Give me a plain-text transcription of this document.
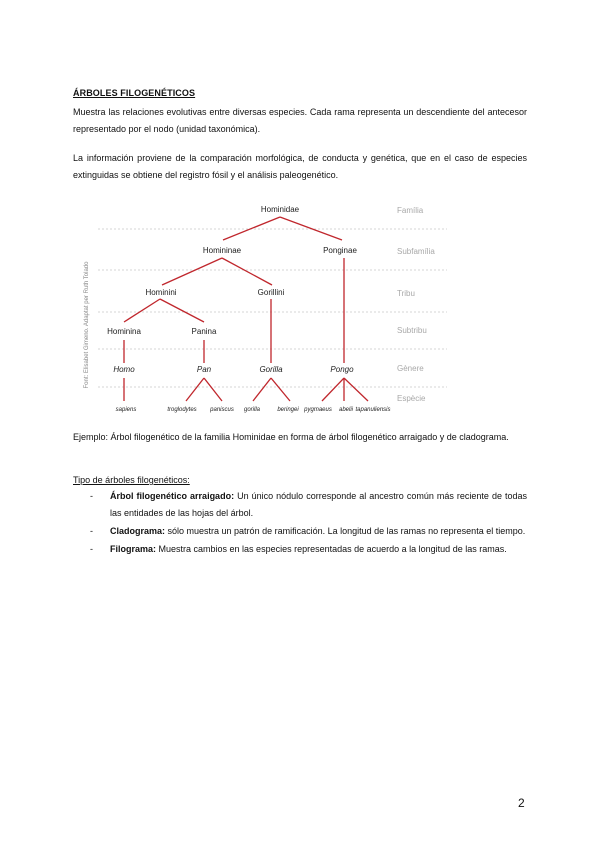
ÁRBOLES FILOGENÉTICOS
Muestra las relaciones evolutivas entre diversas especies. Cada rama representa un descendiente del antecesor representado por el nodo (unidad taxonómica).
La información proviene de la comparación morfológica, de conducta y genética, que en el caso de especies extinguidas se obtiene del registro fósil y el análisis paleogenético.
Família
Subfamília
Tribu
Subtribu
Gènere
Espècie
Hominidae
Homininae	Ponginae
Hominini	Gorillini
Hominina	Panina
Homo	Pan	Gorilla	Pongo
sapiens	troglodytes paniscus gorilla	beringei pygmaeus abelii tapanuliensis
Font: Elisabet Gimeno. Adaptat per Ruth Tolado
Ejemplo: Árbol filogenético de la familia Hominidae en forma de árbol filogenético arraigado y de cladograma.
Tipo de árboles filogenéticos:
- Árbol filogenético arraigado: Un único nódulo corresponde al ancestro común más reciente de todas las entidades de las hojas del árbol.
- Cladograma: sólo muestra un patrón de ramificación. La longitud de las ramas no representa el tiempo.
- Filograma: Muestra cambios en las especies representadas de acuerdo a la longitud de las ramas.
2
